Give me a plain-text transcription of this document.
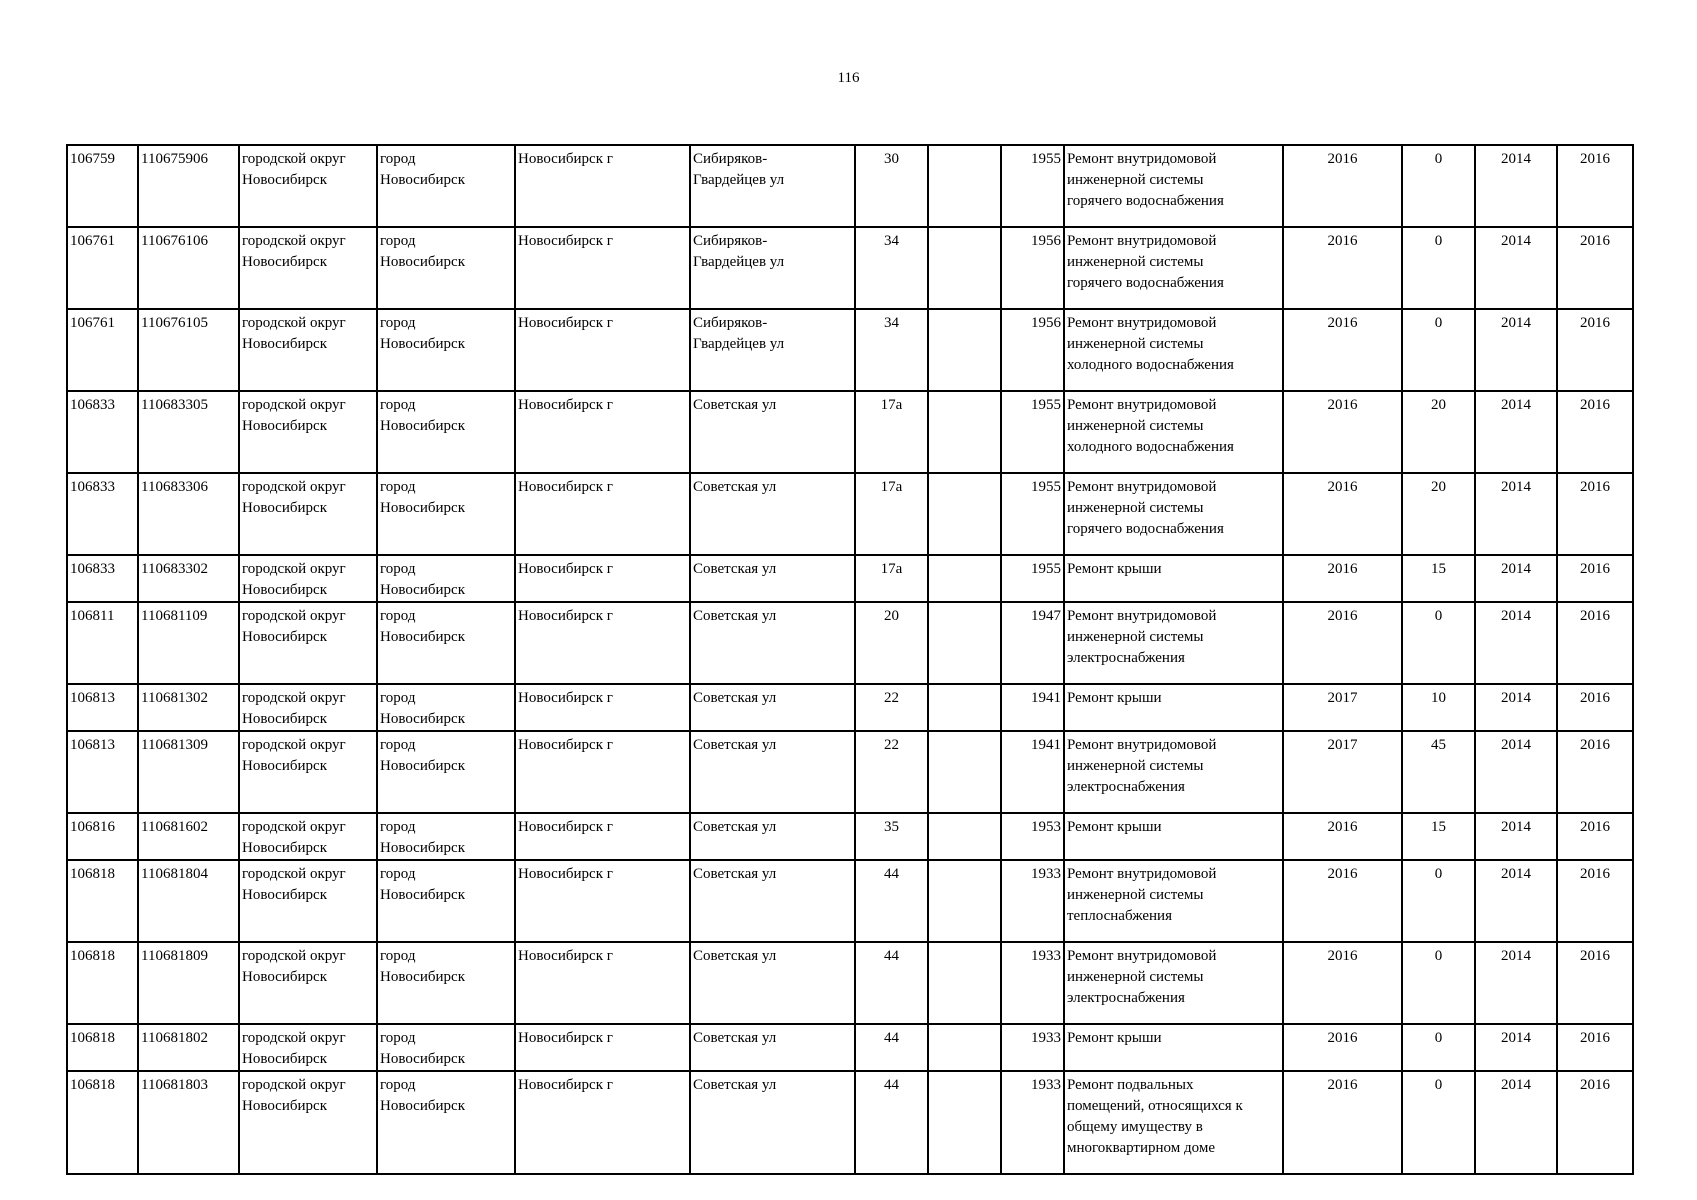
116
106759	110675906	городской округ
Новосибирск	город
Новосибирск	Новосибирск г	Сибиряков-
Гвардейцев ул	30		1955	Ремонт внутридомовой
инженерной системы
горячего водоснабжения	2016	0	2014	2016
106761	110676106	городской округ
Новосибирск	город
Новосибирск	Новосибирск г	Сибиряков-
Гвардейцев ул	34		1956	Ремонт внутридомовой
инженерной системы
горячего водоснабжения	2016	0	2014	2016
106761	110676105	городской округ
Новосибирск	город
Новосибирск	Новосибирск г	Сибиряков-
Гвардейцев ул	34		1956	Ремонт внутридомовой
инженерной системы
холодного водоснабжения	2016	0	2014	2016
106833	110683305	городской округ
Новосибирск	город
Новосибирск	Новосибирск г	Советская ул	17а		1955	Ремонт внутридомовой
инженерной системы
холодного водоснабжения	2016	20	2014	2016
106833	110683306	городской округ
Новосибирск	город
Новосибирск	Новосибирск г	Советская ул	17а		1955	Ремонт внутридомовой
инженерной системы
горячего водоснабжения	2016	20	2014	2016
106833	110683302	городской округ
Новосибирск	город
Новосибирск	Новосибирск г	Советская ул	17а		1955	Ремонт крыши	2016	15	2014	2016
106811	110681109	городской округ
Новосибирск	город
Новосибирск	Новосибирск г	Советская ул	20		1947	Ремонт внутридомовой
инженерной системы
электроснабжения	2016	0	2014	2016
106813	110681302	городской округ
Новосибирск	город
Новосибирск	Новосибирск г	Советская ул	22		1941	Ремонт крыши	2017	10	2014	2016
106813	110681309	городской округ
Новосибирск	город
Новосибирск	Новосибирск г	Советская ул	22		1941	Ремонт внутридомовой
инженерной системы
электроснабжения	2017	45	2014	2016
106816	110681602	городской округ
Новосибирск	город
Новосибирск	Новосибирск г	Советская ул	35		1953	Ремонт крыши	2016	15	2014	2016
106818	110681804	городской округ
Новосибирск	город
Новосибирск	Новосибирск г	Советская ул	44		1933	Ремонт внутридомовой
инженерной системы
теплоснабжения	2016	0	2014	2016
106818	110681809	городской округ
Новосибирск	город
Новосибирск	Новосибирск г	Советская ул	44		1933	Ремонт внутридомовой
инженерной системы
электроснабжения	2016	0	2014	2016
106818	110681802	городской округ
Новосибирск	город
Новосибирск	Новосибирск г	Советская ул	44		1933	Ремонт крыши	2016	0	2014	2016
106818	110681803	городской округ
Новосибирск	город
Новосибирск	Новосибирск г	Советская ул	44		1933	Ремонт подвальных
помещений, относящихся к
общему имуществу в
многоквартирном доме	2016	0	2014	2016
